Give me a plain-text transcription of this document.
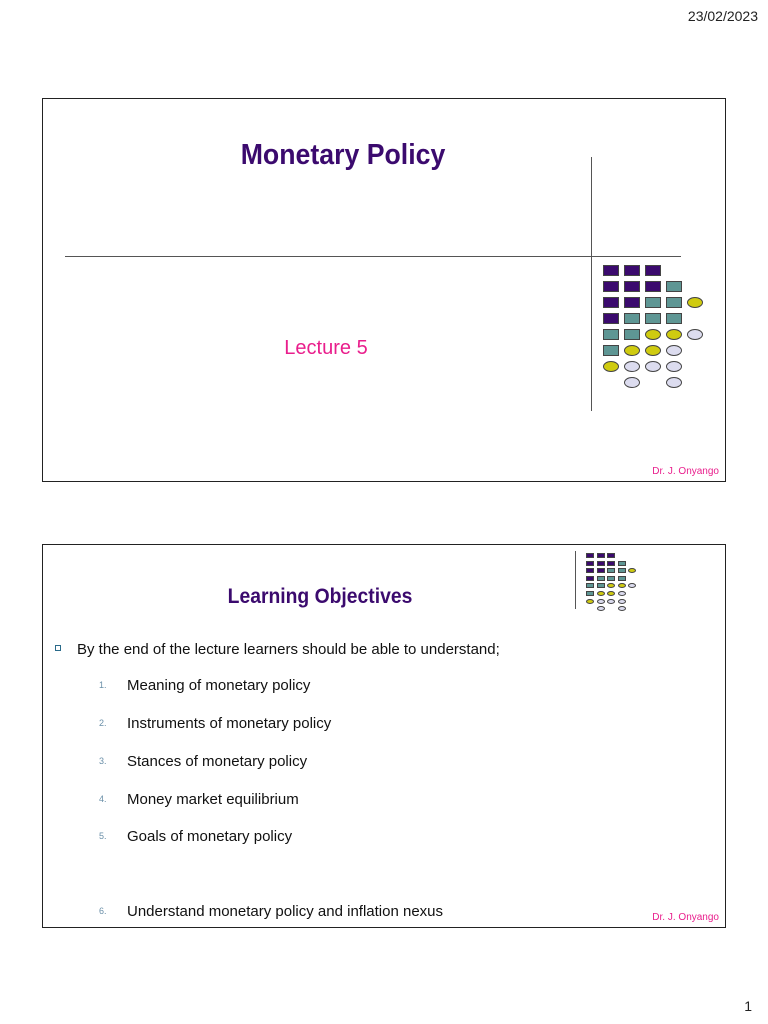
23/02/2023
Monetary Policy
Lecture 5
Dr. J. Onyango
Learning Objectives
By the end of the lecture learners should be able to understand;
1. Meaning of monetary policy
2. Instruments of monetary policy
3. Stances of monetary policy
4. Money market equilibrium
5. Goals of monetary policy
6. Understand monetary policy and inflation nexus	Dr. J. Onyango
1
